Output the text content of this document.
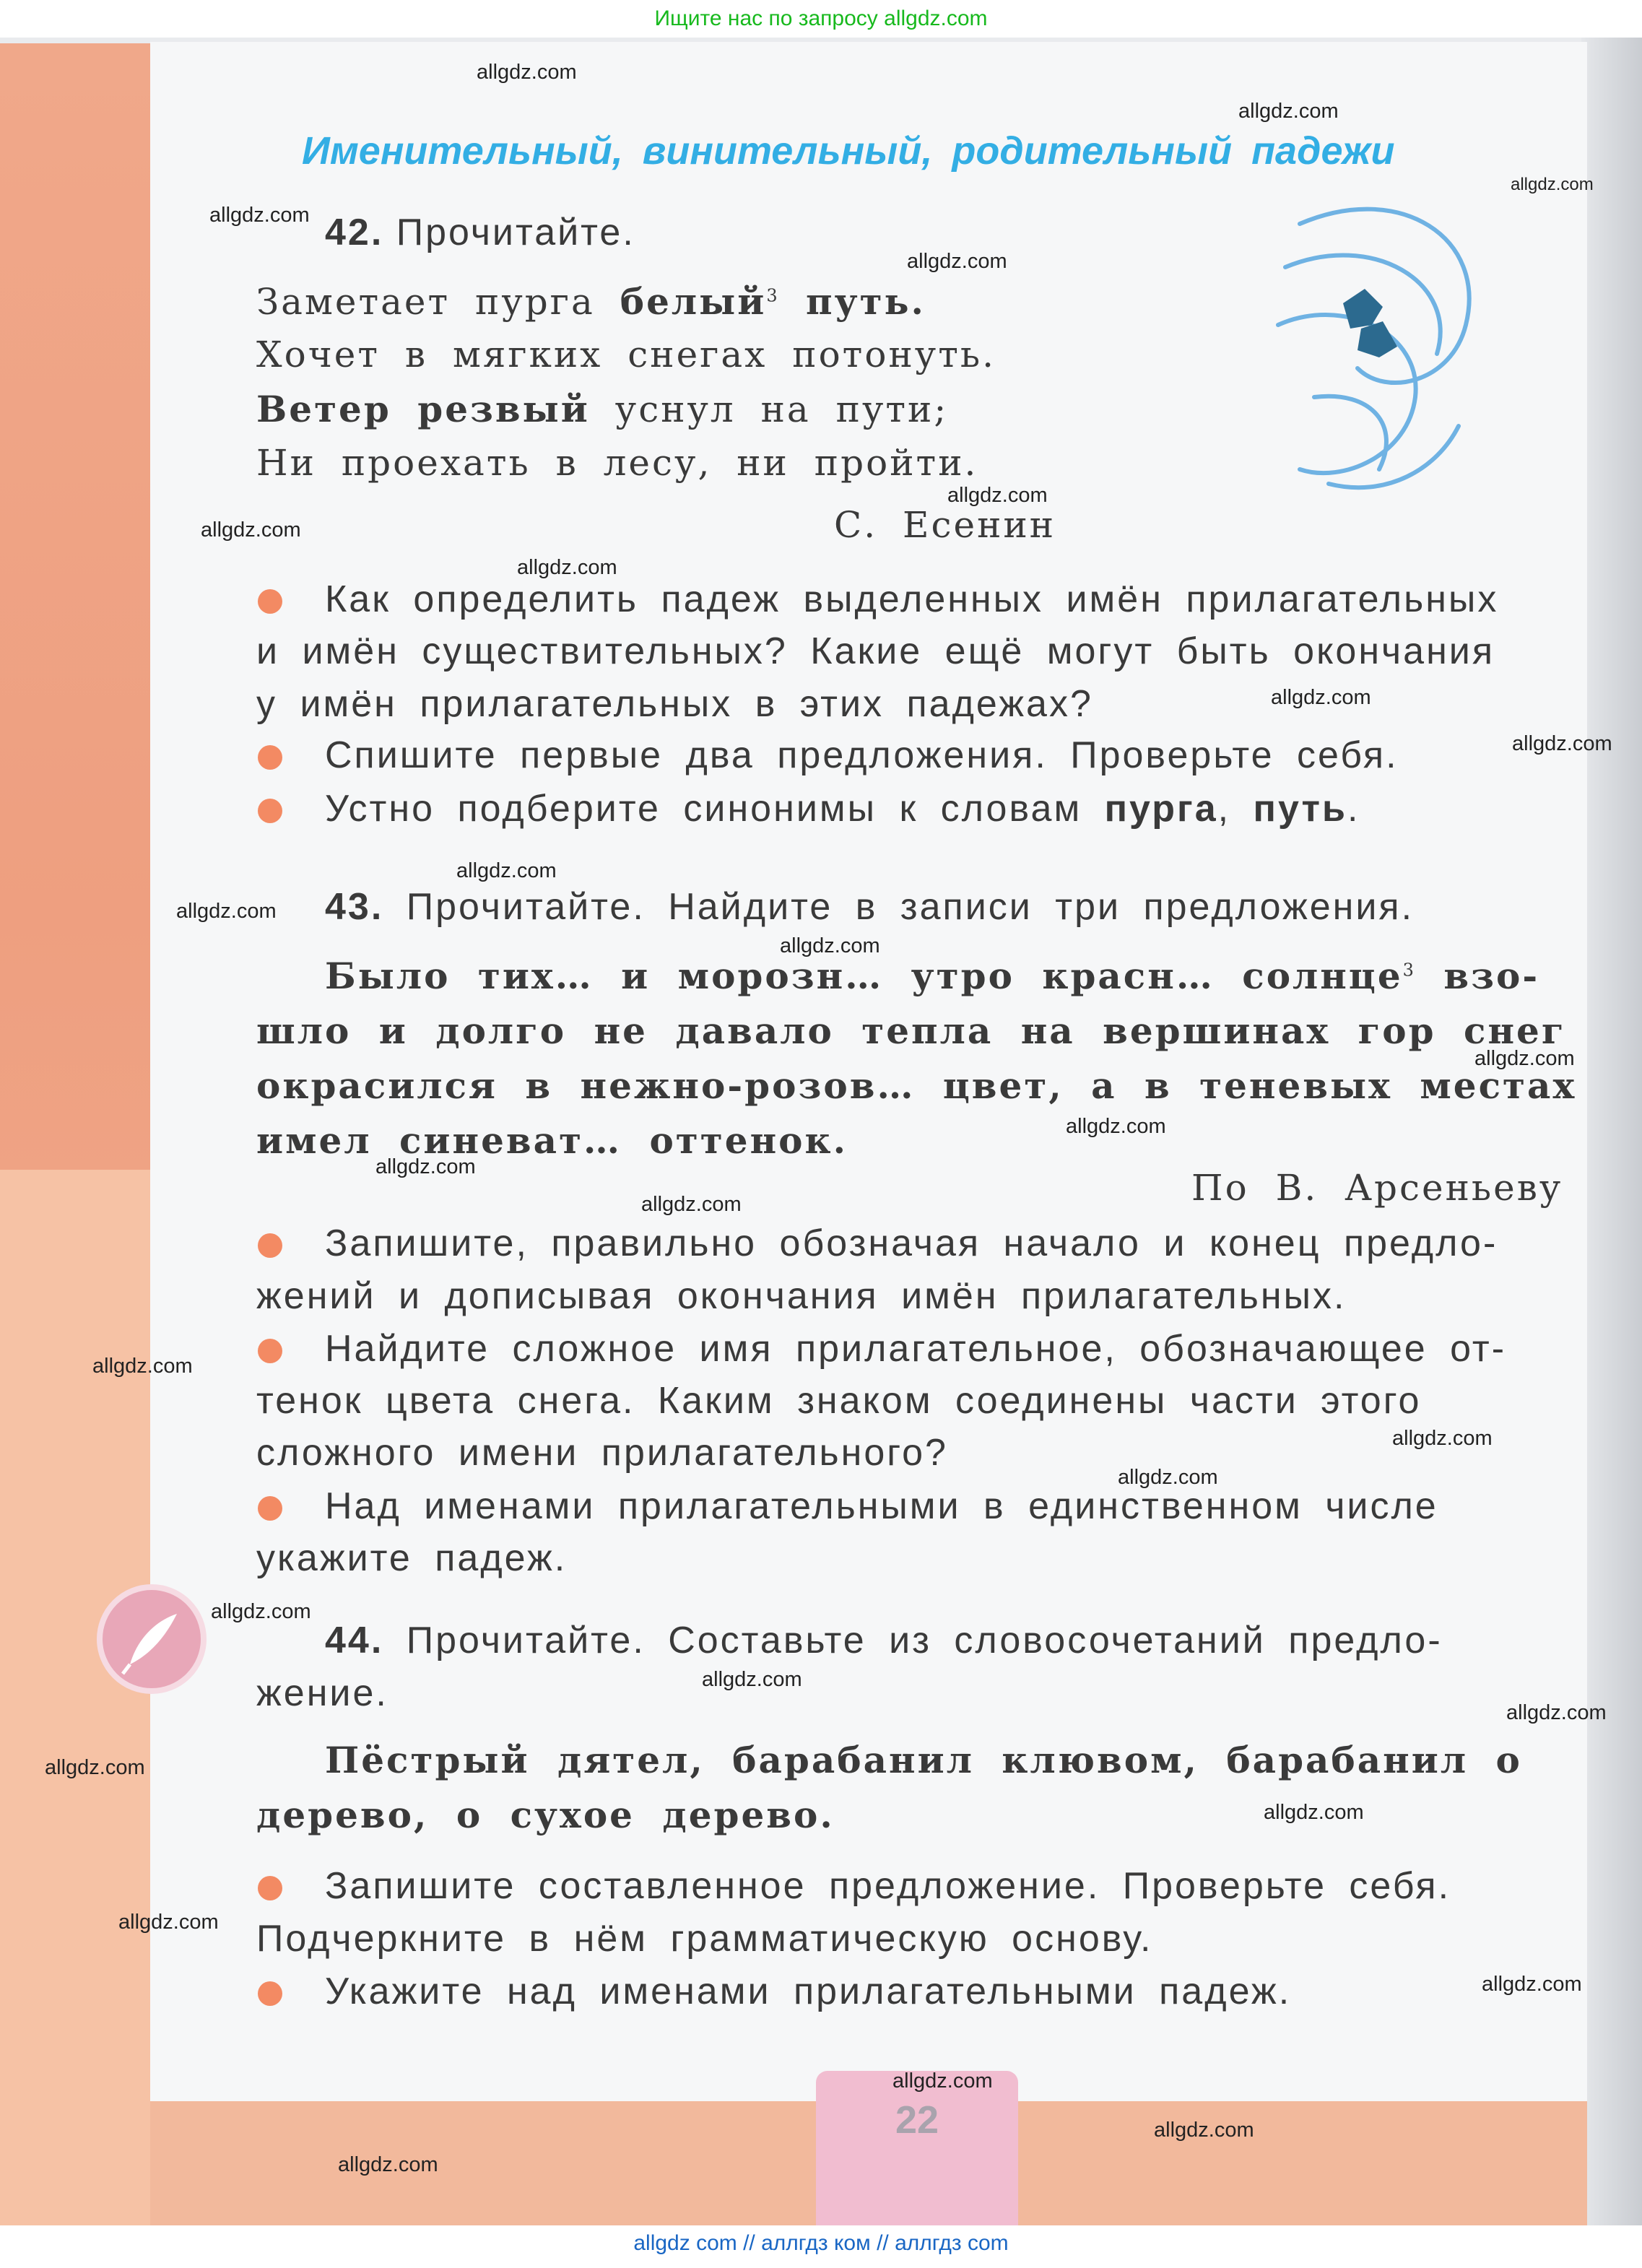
Ищите нас по запросу allgdz.com
22
Именительный, винительный, родительный падежи
42. Прочитайте.
Заметает пурга белый$^3$ путь.
Хочет в мягких снегах потонуть.
Ветер резвый уснул на пути;
Ни проехать в лесу, ни пройти.
С. Есенин
Как определить падеж выделенных имён прилагательных
и имён существительных? Какие ещё могут быть окончания
у имён прилагательных в этих падежах?
Спишите первые два предложения. Проверьте себя.
Устно подберите синонимы к словам пурга, путь.
43. Прочитайте. Найдите в записи три предложения.
Было тих… и морозн… утро красн… солнце$^3$ взо-
шло и долго не давало тепла на вершинах гор снег
окрасился в нежно-розов… цвет, а в теневых местах
имел синеват… оттенок.
По В. Арсеньеву
Запишите, правильно обозначая начало и конец предло-
жений и дописывая окончания имён прилагательных.
Найдите сложное имя прилагательное, обозначающее от-
тенок цвета снега. Каким знаком соединены части этого
сложного имени прилагательного?
Над именами прилагательными в единственном числе
укажите падеж.
44. Прочитайте. Составьте из словосочетаний предло-
жение.
Пёстрый дятел, барабанил клювом, барабанил о
дерево, о сухое дерево.
Запишите составленное предложение. Проверьте себя.
Подчеркните в нём грамматическую основу.
Укажите над именами прилагательными падеж.
allgdz.com
allgdz.com
allgdz.com
allgdz.com
allgdz.com
allgdz.com
allgdz.com
allgdz.com
allgdz.com
allgdz.com
allgdz.com
allgdz.com
allgdz.com
allgdz.com
allgdz.com
allgdz.com
allgdz.com
allgdz.com
allgdz.com
allgdz.com
allgdz.com
allgdz.com
allgdz.com
allgdz.com
allgdz.com
allgdz.com
allgdz.com
allgdz.com
allgdz.com
allgdz.com
allgdz com // аллгдз ком // аллгдз com
